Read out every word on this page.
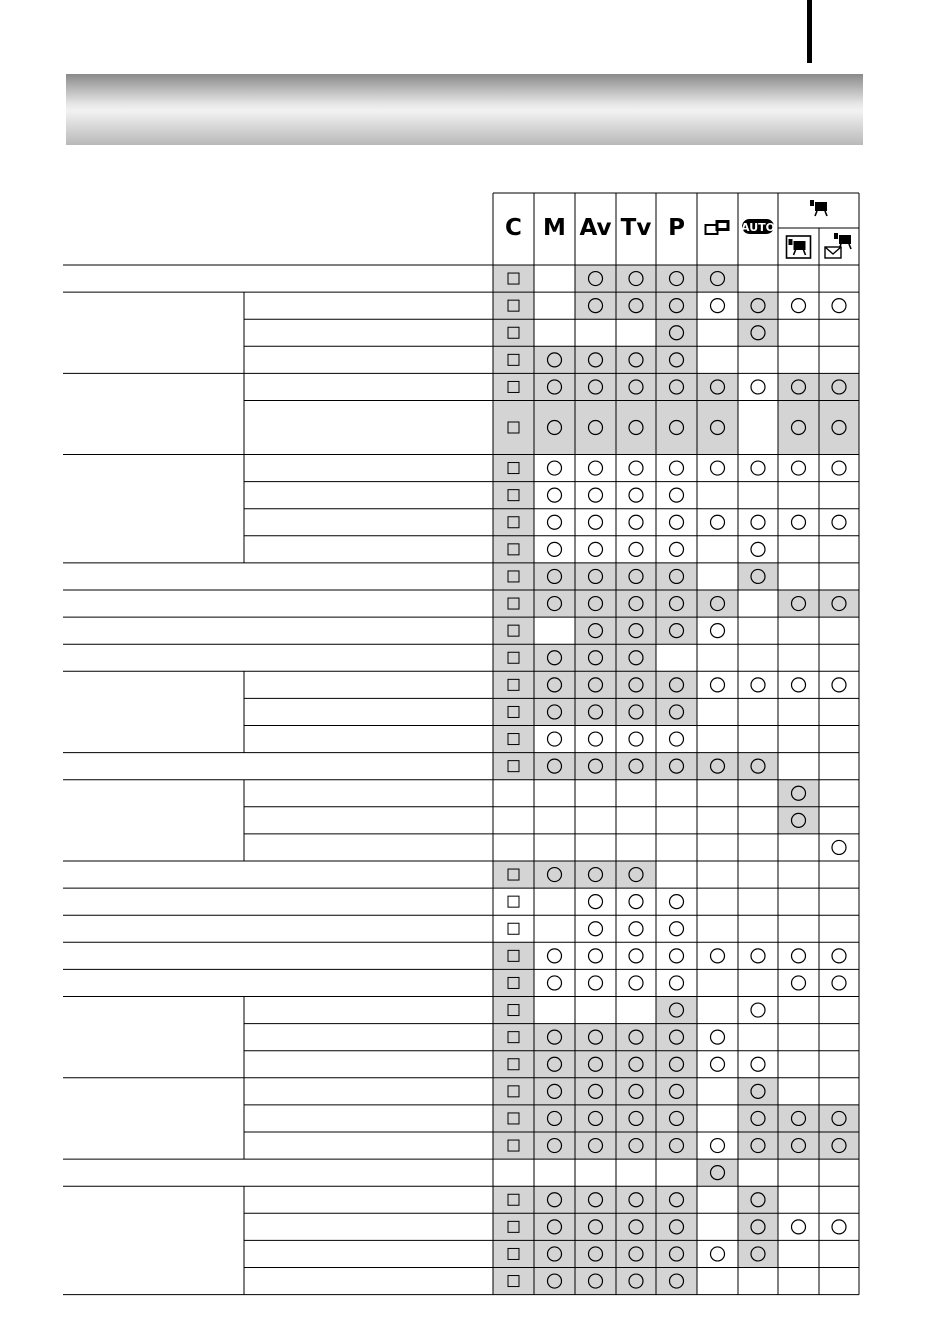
C M Av Tv P	AUTO
